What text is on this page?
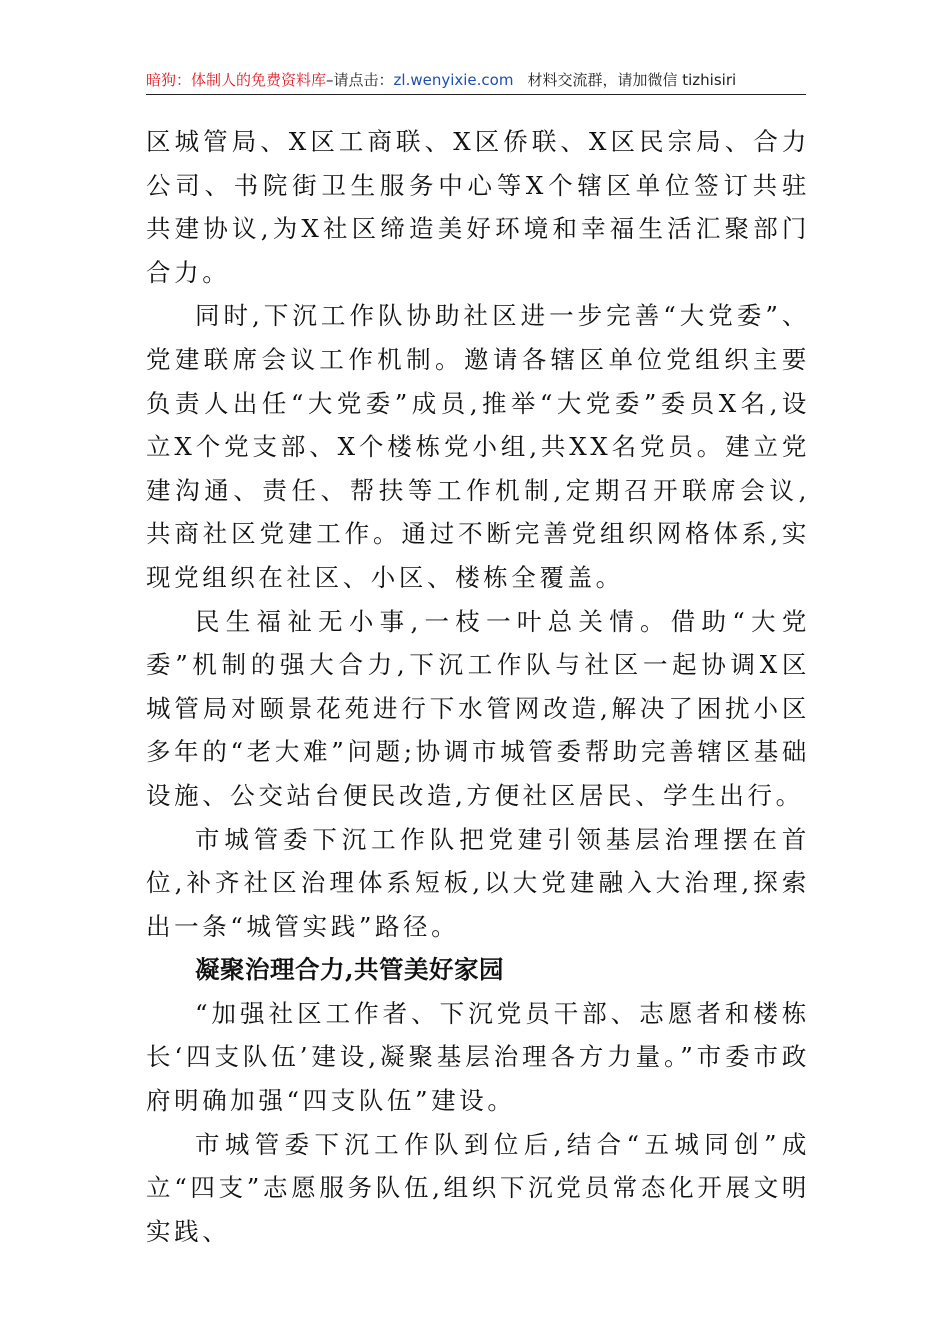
暗狗：体制人的免费资料库–请点击：zl.wenyixie.com 材料交流群，请加微信 tizhisiri

区城管局、X区工商联、X区侨联、X区民宗局、合力公司、书院街卫生服务中心等X个辖区单位签订共驻共建协议,为X社区缔造美好环境和幸福生活汇聚部门合力。

同时,下沉工作队协助社区进一步完善“大党委”、党建联席会议工作机制。邀请各辖区单位党组织主要负责人出任“大党委”成员,推举“大党委”委员X名,设立X个党支部、X个楼栋党小组,共XX名党员。建立党建沟通、责任、帮扶等工作机制,定期召开联席会议,共商社区党建工作。通过不断完善党组织网格体系,实现党组织在社区、小区、楼栋全覆盖。

民生福祉无小事,一枝一叶总关情。借助“大党委”机制的强大合力,下沉工作队与社区一起协调X区城管局对颐景花苑进行下水管网改造,解决了困扰小区多年的“老大难”问题;协调市城管委帮助完善辖区基础设施、公交站台便民改造,方便社区居民、学生出行。

市城管委下沉工作队把党建引领基层治理摆在首位,补齐社区治理体系短板,以大党建融入大治理,探索出一条“城管实践”路径。

凝聚治理合力,共管美好家园

“加强社区工作者、下沉党员干部、志愿者和楼栋长‘四支队伍’建设,凝聚基层治理各方力量。”市委市政府明确加强“四支队伍”建设。

市城管委下沉工作队到位后,结合“五城同创”成立“四支”志愿服务队伍,组织下沉党员常态化开展文明实践、
